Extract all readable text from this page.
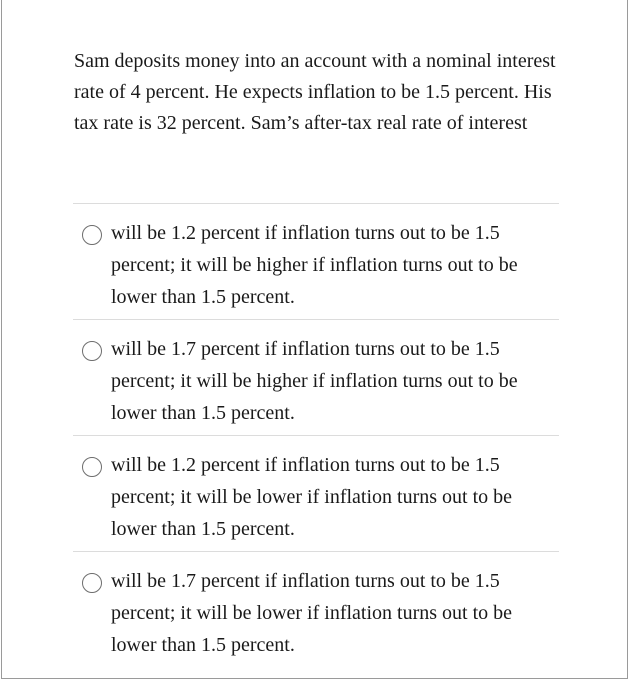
Sam deposits money into an account with a nominal interest rate of 4 percent. He expects inflation to be 1.5 percent. His tax rate is 32 percent. Sam’s after-tax real rate of interest
will be 1.2 percent if inflation turns out to be 1.5 percent; it will be higher if inflation turns out to be lower than 1.5 percent.
will be 1.7 percent if inflation turns out to be 1.5 percent; it will be higher if inflation turns out to be lower than 1.5 percent.
will be 1.2 percent if inflation turns out to be 1.5 percent; it will be lower if inflation turns out to be lower than 1.5 percent.
will be 1.7 percent if inflation turns out to be 1.5 percent; it will be lower if inflation turns out to be lower than 1.5 percent.
